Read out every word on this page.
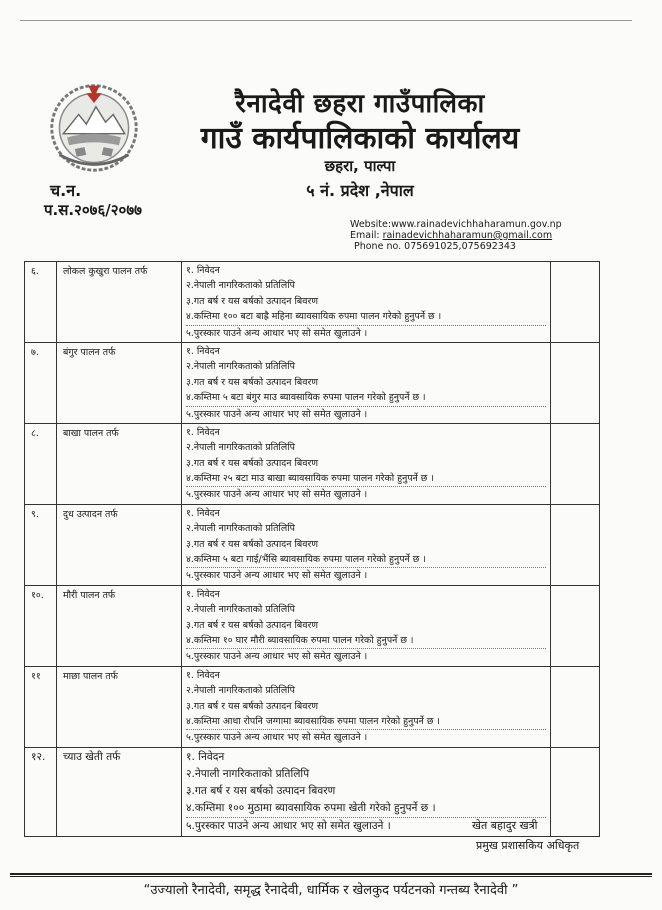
रैनादेवी छहरा गाउँपालिका
गाउँ कार्यपालिकाको कार्यालय
छहरा, पाल्पा
५ नं. प्रदेश ,नेपाल
च.न.
प.स.२०७६/२०७७
Website:www.rainadevichhaharamun.gov.np
Email: rainadevichhaharamun@gmail.com
Phone no. 075691025,075692343
६.	लोकल कुखुरा पालन तर्फ	१. निवेदन
२.नेपाली नागरिकताको प्रतिलिपि
३.गत बर्ष र यस बर्षको उत्पादन बिवरण
४.कम्तिमा १०० बटा बाह्रै महिना ब्यावसायिक रुपमा पालन गरेको हुनुपर्ने छ ।
५.पुरस्कार पाउने अन्य आधार भए सो समेत खुलाउने ।	

७.	बंगुर पालन तर्फ	१. निवेदन
२.नेपाली नागरिकताको प्रतिलिपि
३.गत बर्ष र यस बर्षको उत्पादन बिवरण
४.कम्तिमा ५ बटा बंगुर माउ ब्यावसायिक रुपमा पालन गरेको हुनुपर्ने छ ।
५.पुरस्कार पाउने अन्य आधार भए सो समेत खुलाउने ।	

८.	बाखा पालन तर्फ	१. निवेदन
२.नेपाली नागरिकताको प्रतिलिपि
३.गत बर्ष र यस बर्षको उत्पादन बिवरण
४.कम्तिमा २५ बटा माउ बाखा ब्यावसायिक रुपमा पालन गरेको हुनुपर्ने छ ।
५.पुरस्कार पाउने अन्य आधार भए सो समेत खुलाउने ।	

९.	दुध उत्पादन तर्फ	१. निवेदन
२.नेपाली नागरिकताको प्रतिलिपि
३.गत बर्ष र यस बर्षको उत्पादन बिवरण
४.कम्तिमा ५ बटा गाई/भैंसि ब्यावसायिक रुपमा पालन गरेको हुनुपर्ने छ ।
५.पुरस्कार पाउने अन्य आधार भए सो समेत खुलाउने ।	

१०.	मौरी पालन तर्फ	१. निवेदन
२.नेपाली नागरिकताको प्रतिलिपि
३.गत बर्ष र यस बर्षको उत्पादन बिवरण
४.कम्तिमा १० घार मौरी ब्यावसायिक रुपमा पालन गरेको हुनुपर्ने छ ।
५.पुरस्कार पाउने अन्य आधार भए सो समेत खुलाउने ।	

११	माछा पालन तर्फ	१. निवेदन
२.नेपाली नागरिकताको प्रतिलिपि
३.गत बर्ष र यस बर्षको उत्पादन बिवरण
४.कम्तिमा आधा रोपनि जग्गामा ब्यावसायिक रुपमा पालन गरेको हुनुपर्ने छ ।
५.पुरस्कार पाउने अन्य आधार भए सो समेत खुलाउने ।	

१२.	च्याउ खेती तर्फ	१. निवेदन
२.नेपाली नागरिकताको प्रतिलिपि
३.गत बर्ष र यस बर्षको उत्पादन बिवरण
४.कम्तिमा १०० मुठामा ब्यावसायिक रुपमा खेती गरेको हुनुपर्ने छ ।
५.पुरस्कार पाउने अन्य आधार भए सो समेत खुलाउने ।	
		खेत बहादुर खत्री
प्रमुख प्रशासकिय अधिकृत
“उज्यालो रैनादेवी, समृद्ध रैनादेवी, धार्मिक र खेलकुद पर्यटनको गन्तब्य रैनादेवी ”
